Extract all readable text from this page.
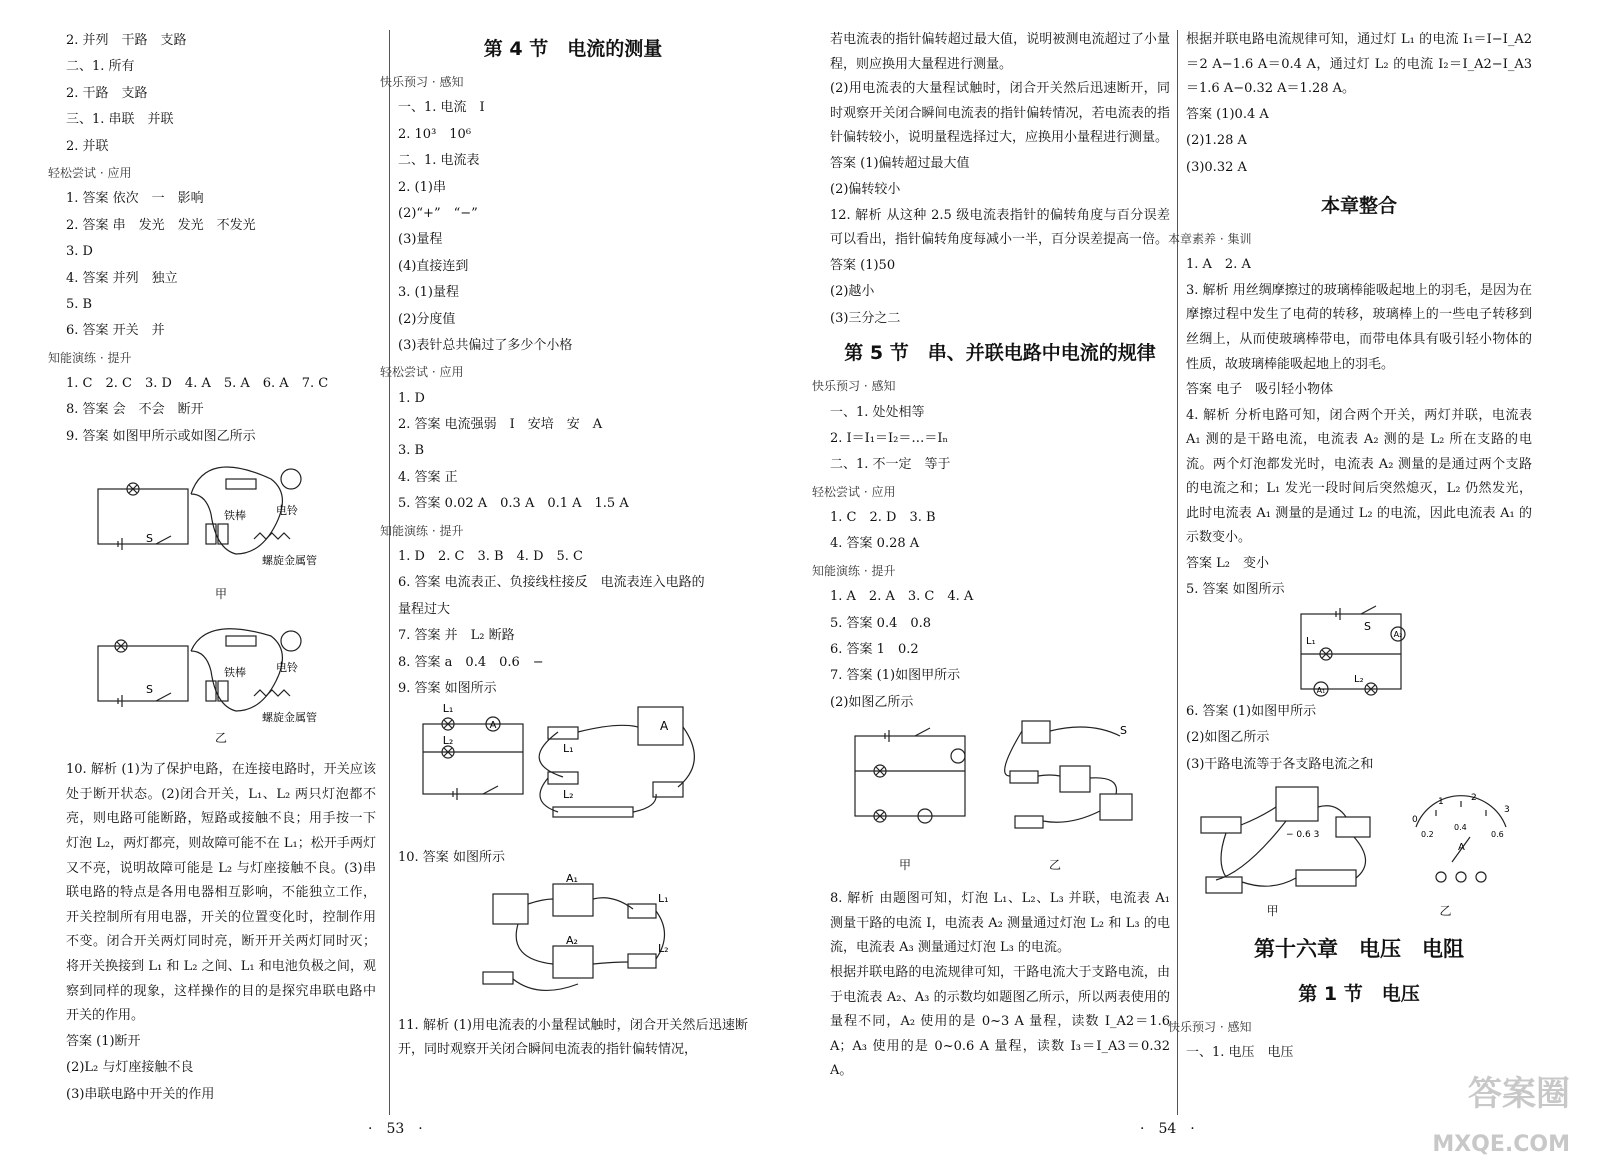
2. 并列　干路　支路
二、1. 所有
2. 干路　支路
三、1. 串联　并联
2. 并联
轻松尝试 · 应用
1. 答案 依次　一　影响
2. 答案 串　发光　发光　不发光
3. D
4. 答案 并列　独立
5. B
6. 答案 开关　并
知能演练 · 提升
1. C　2. C　3. D　4. A　5. A　6. A　7. C
8. 答案 会　不会　断开
9. 答案 如图甲所示或如图乙所示
S
铁棒	电铃
螺旋金属管
甲
S
铁棒	电铃
螺旋金属管
乙
10. 解析 (1)为了保护电路，在连接电路时，开关应该处于断开状态。(2)闭合开关，L₁、L₂ 两只灯泡都不亮，则电路可能断路，短路或接触不良；用手按一下灯泡 L₂，两灯都亮，则故障可能不在 L₁；松开手两灯又不亮，说明故障可能是 L₂ 与灯座接触不良。(3)串联电路的特点是各用电器相互影响，不能独立工作，开关控制所有用电器，开关的位置变化时，控制作用不变。闭合开关两灯同时亮，断开开关两灯同时灭；将开关换接到 L₁ 和 L₂ 之间、L₁ 和电池负极之间，观察到同样的现象，这样操作的目的是探究串联电路中开关的作用。
答案 (1)断开
(2)L₂ 与灯座接触不良
(3)串联电路中开关的作用
第 4 节　电流的测量
快乐预习 · 感知
一、1. 电流　I
2. 10³　10⁶
二、1. 电流表
2. (1)串
(2)“+”　“−”
(3)量程
(4)直接连到
3. (1)量程
(2)分度值
(3)表针总共偏过了多少个小格
轻松尝试 · 应用
1. D
2. 答案 电流强弱　I　安培　安　A
3. B
4. 答案 正
5. 答案 0.02 A　0.3 A　0.1 A　1.5 A
知能演练 · 提升
1. D　2. C　3. B　4. D　5. C
6. 答案 电流表正、负接线柱接反　电流表连入电路的
量程过大
7. 答案 并　L₂ 断路
8. 答案 a　0.4　0.6　−
9. 答案 如图所示
L₁
L₂
A
L₁
L₂
A
10. 答案 如图所示
A₁
A₂
L₁
L₂
11. 解析 (1)用电流表的小量程试触时，闭合开关然后迅速断开，同时观察开关闭合瞬间电流表的指针偏转情况，
若电流表的指针偏转超过最大值，说明被测电流超过了小量程，则应换用大量程进行测量。
(2)用电流表的大量程试触时，闭合开关然后迅速断开，同时观察开关闭合瞬间电流表的指针偏转情况，若电流表的指针偏转较小，说明量程选择过大，应换用小量程进行测量。
答案 (1)偏转超过最大值
(2)偏转较小
12. 解析 从这种 2.5 级电流表指针的偏转角度与百分误差可以看出，指针偏转角度每减小一半，百分误差提高一倍。
答案 (1)50
(2)越小
(3)三分之二
第 5 节　串、并联电路中电流的规律
快乐预习 · 感知
一、1. 处处相等
2. I＝I₁＝I₂＝…＝Iₙ
二、1. 不一定　等于
轻松尝试 · 应用
1. C　2. D　3. B
4. 答案 0.28 A
知能演练 · 提升
1. A　2. A　3. C　4. A
5. 答案 0.4　0.8
6. 答案 1　0.2
7. 答案 (1)如图甲所示
(2)如图乙所示
S
甲	乙
8. 解析 由题图可知，灯泡 L₁、L₂、L₃ 并联，电流表 A₁ 测量干路的电流 I，电流表 A₂ 测量通过灯泡 L₂ 和 L₃ 的电流，电流表 A₃ 测量通过灯泡 L₃ 的电流。
根据并联电路的电流规律可知，干路电流大于支路电流，由于电流表 A₂、A₃ 的示数均如题图乙所示，所以两表使用的量程不同，A₂ 使用的是 0~3 A 量程，读数 I_A2＝1.6 A；A₃ 使用的是 0~0.6 A 量程，读数 I₃＝I_A3＝0.32 A。
根据并联电路电流规律可知，通过灯 L₁ 的电流 I₁＝I−I_A2＝2 A−1.6 A＝0.4 A，通过灯 L₂ 的电流 I₂＝I_A2−I_A3＝1.6 A−0.32 A＝1.28 A。
答案 (1)0.4 A
(2)1.28 A
(3)0.32 A
本章整合
本章素养 · 集训
1. A　2. A
3. 解析 用丝绸摩擦过的玻璃棒能吸起地上的羽毛，是因为在摩擦过程中发生了电荷的转移，玻璃棒上的一些电子转移到丝绸上，从而使玻璃棒带电，而带电体具有吸引轻小物体的性质，故玻璃棒能吸起地上的羽毛。
答案 电子　吸引轻小物体
4. 解析 分析电路可知，闭合两个开关，两灯并联，电流表 A₁ 测的是干路电流，电流表 A₂ 测的是 L₂ 所在支路的电流。两个灯泡都发光时，电流表 A₂ 测量的是通过两个支路的电流之和；L₁ 发光一段时间后突然熄灭，L₂ 仍然发光，此时电流表 A₁ 测量的是通过 L₂ 的电流，因此电流表 A₁ 的示数变小。
答案 L₂　变小
5. 答案 如图所示
S
L₁
L₂
A₁
A₂
6. 答案 (1)如图甲所示
(2)如图乙所示
(3)干路电流等于各支路电流之和
− 0.6 3
0
1	2
3
0.2
0.4
0.6
A
甲	乙
第十六章　电压　电阻
第 1 节　电压
快乐预习 · 感知
一、1. 电压　电压
·　53　·	·　54　·
答案圈
MXQE.COM
